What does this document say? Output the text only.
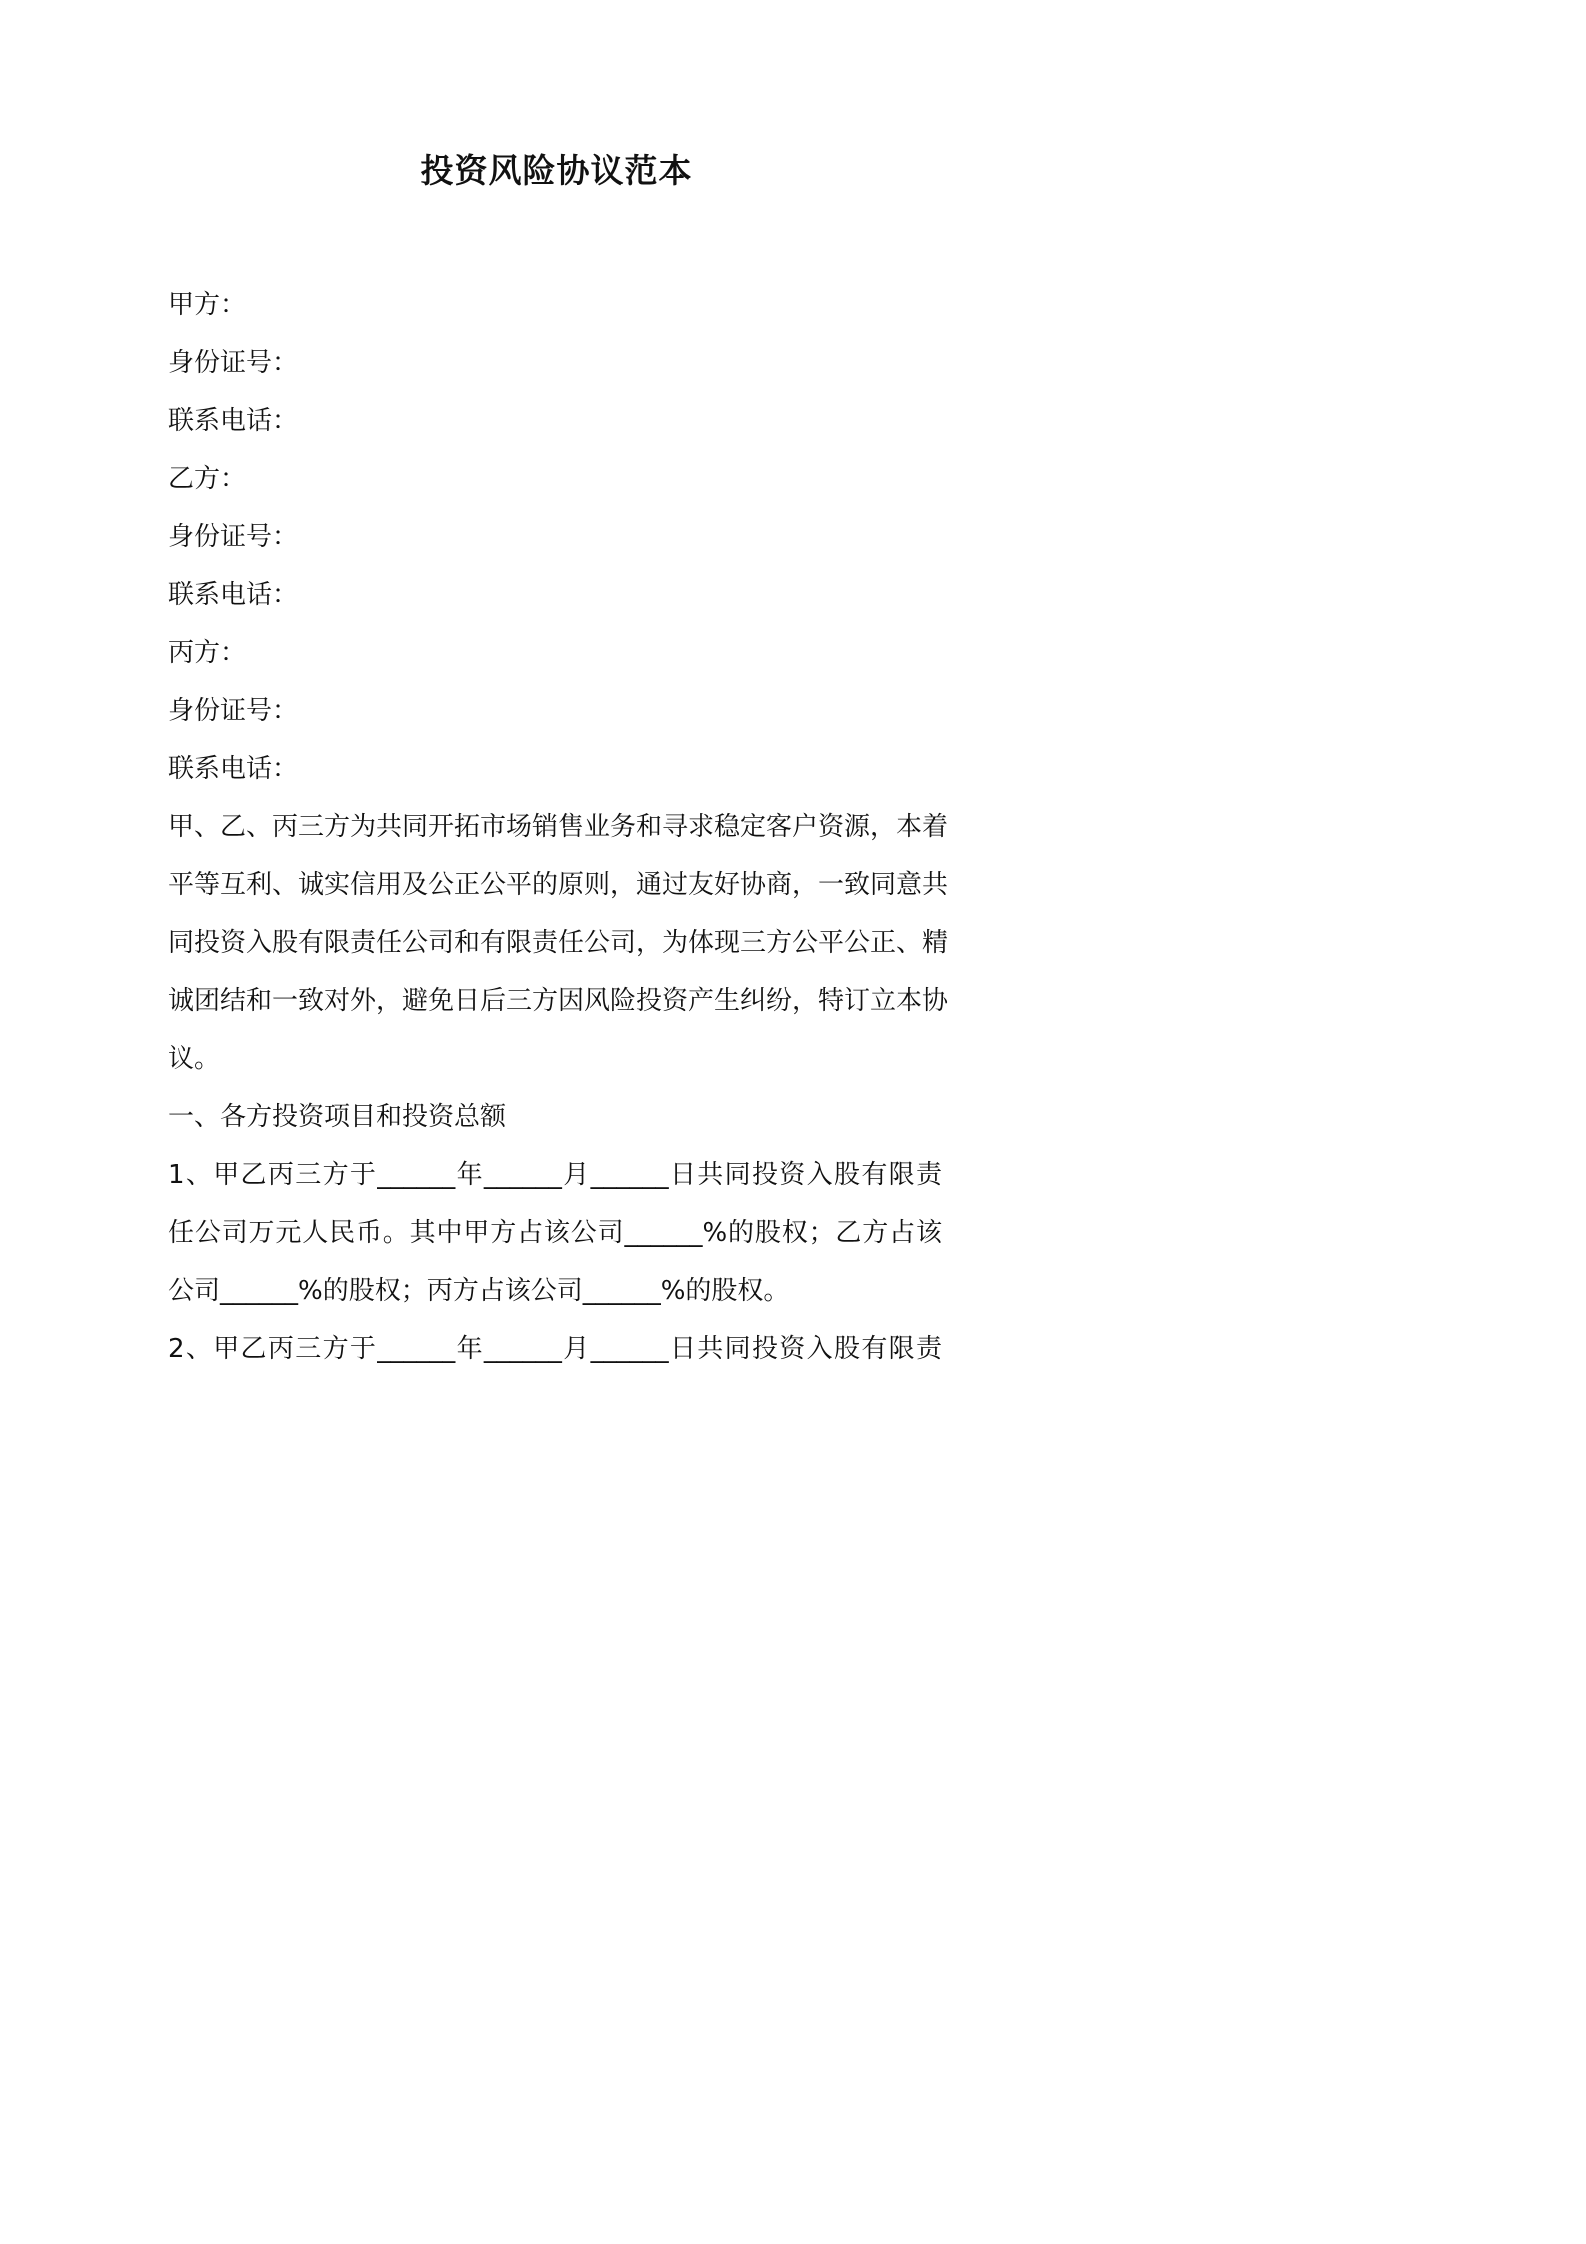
投资风险协议范本
甲方：
身份证号：
联系电话：
乙方：
身份证号：
联系电话：
丙方：
身份证号：
联系电话：
甲、乙、丙三方为共同开拓市场销售业务和寻求稳定客户资源，本着
平等互利、诚实信用及公正公平的原则，通过友好协商，一致同意共
同投资入股有限责任公司和有限责任公司，为体现三方公平公正、精
诚团结和一致对外，避免日后三方因风险投资产生纠纷，特订立本协
议。
一、各方投资项目和投资总额
1、甲乙丙三方于______年______月______日共同投资入股有限责
任公司万元人民币。其中甲方占该公司______%的股权；乙方占该
公司______%的股权；丙方占该公司______%的股权。
2、甲乙丙三方于______年______月______日共同投资入股有限责
